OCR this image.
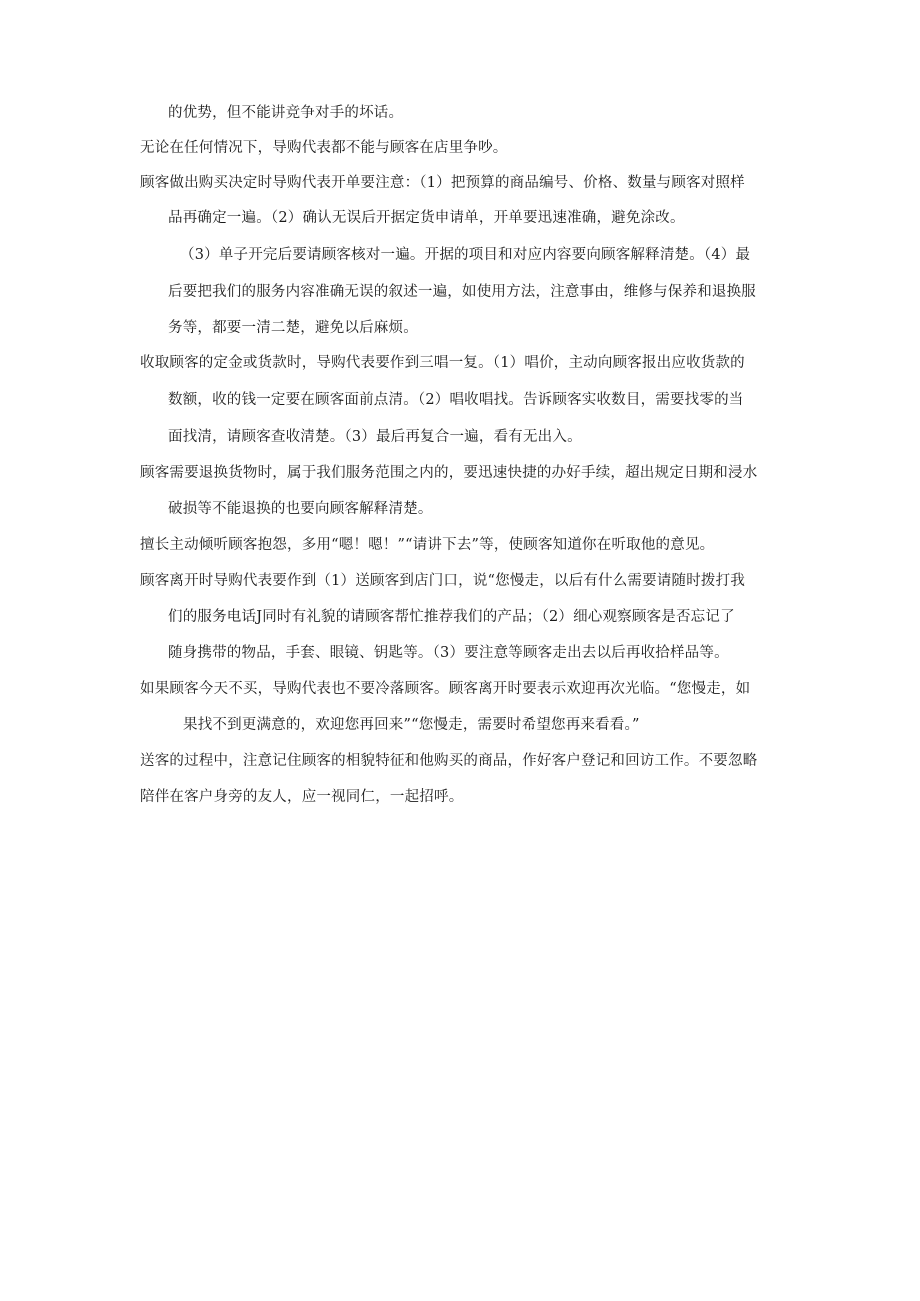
的优势，但不能讲竞争对手的坏话。
无论在任何情况下，导购代表都不能与顾客在店里争吵。
顾客做出购买决定时导购代表开单要注意：（1）把预算的商品编号、价格、数量与顾客对照样
品再确定一遍。（2）确认无误后开据定货申请单，开单要迅速准确，避免涂改。
（3）单子开完后要请顾客核对一遍。开据的项目和对应内容要向顾客解释清楚。（4）最
后要把我们的服务内容准确无误的叙述一遍，如使用方法，注意事由，维修与保养和退换服
务等，都要一清二楚，避免以后麻烦。
收取顾客的定金或货款时，导购代表要作到三唱一复。（1）唱价，主动向顾客报出应收货款的
数额，收的钱一定要在顾客面前点清。（2）唱收唱找。告诉顾客实收数目，需要找零的当
面找清，请顾客查收清楚。（3）最后再复合一遍，看有无出入。
顾客需要退换货物时，属于我们服务范围之内的，要迅速快捷的办好手续，超出规定日期和浸水
破损等不能退换的也要向顾客解释清楚。
擅长主动倾听顾客抱怨，多用“嗯！嗯！”“请讲下去”等，使顾客知道你在听取他的意见。
顾客离开时导购代表要作到（1）送顾客到店门口，说“您慢走，以后有什么需要请随时拨打我
们的服务电话J同时有礼貌的请顾客帮忙推荐我们的产品；（2）细心观察顾客是否忘记了
随身携带的物品，手套、眼镜、钥匙等。（3）要注意等顾客走出去以后再收拾样品等。
如果顾客今天不买，导购代表也不要冷落顾客。顾客离开时要表示欢迎再次光临。“您慢走，如
果找不到更满意的，欢迎您再回来”“您慢走，需要时希望您再来看看。”
送客的过程中，注意记住顾客的相貌特征和他购买的商品，作好客户登记和回访工作。不要忽略
陪伴在客户身旁的友人，应一视同仁，一起招呼。
